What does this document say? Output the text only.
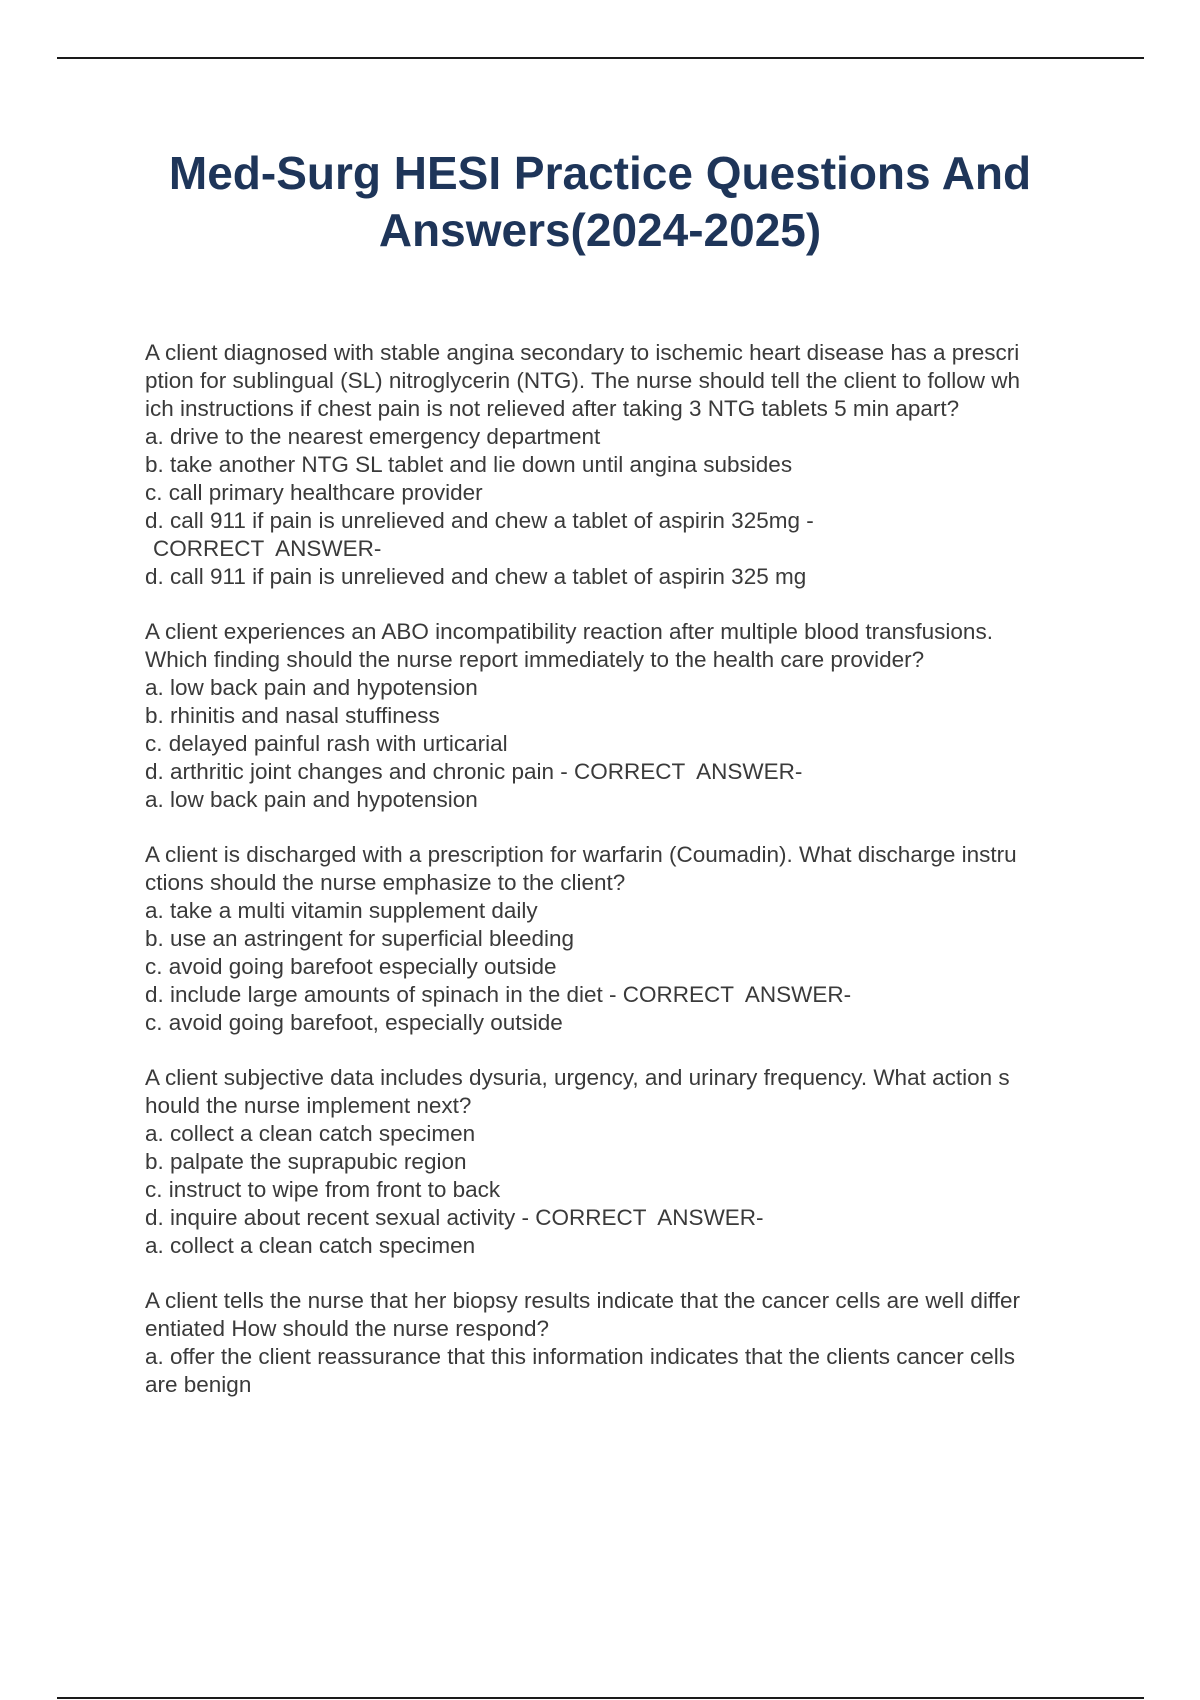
Med-Surg HESI Practice Questions And
Answers(2024-2025)
A client diagnosed with stable angina secondary to ischemic heart disease has a prescri
ption for sublingual (SL) nitroglycerin (NTG). The nurse should tell the client to follow wh
ich instructions if chest pain is not relieved after taking 3 NTG tablets 5 min apart?
a. drive to the nearest emergency department
b. take another NTG SL tablet and lie down until angina subsides
c. call primary healthcare provider
d. call 911 if pain is unrelieved and chew a tablet of aspirin 325mg -
CORRECT  ANSWER-
d. call 911 if pain is unrelieved and chew a tablet of aspirin 325 mg
A client experiences an ABO incompatibility reaction after multiple blood transfusions.
Which finding should the nurse report immediately to the health care provider?
a. low back pain and hypotension
b. rhinitis and nasal stuffiness
c. delayed painful rash with urticarial
d. arthritic joint changes and chronic pain - CORRECT  ANSWER-
a. low back pain and hypotension
A client is discharged with a prescription for warfarin (Coumadin). What discharge instru
ctions should the nurse emphasize to the client?
a. take a multi vitamin supplement daily
b. use an astringent for superficial bleeding
c. avoid going barefoot especially outside
d. include large amounts of spinach in the diet - CORRECT  ANSWER-
c. avoid going barefoot, especially outside
A client subjective data includes dysuria, urgency, and urinary frequency. What action s
hould the nurse implement next?
a. collect a clean catch specimen
b. palpate the suprapubic region
c. instruct to wipe from front to back
d. inquire about recent sexual activity - CORRECT  ANSWER-
a. collect a clean catch specimen
A client tells the nurse that her biopsy results indicate that the cancer cells are well differ
entiated How should the nurse respond?
a. offer the client reassurance that this information indicates that the clients cancer cells
are benign
